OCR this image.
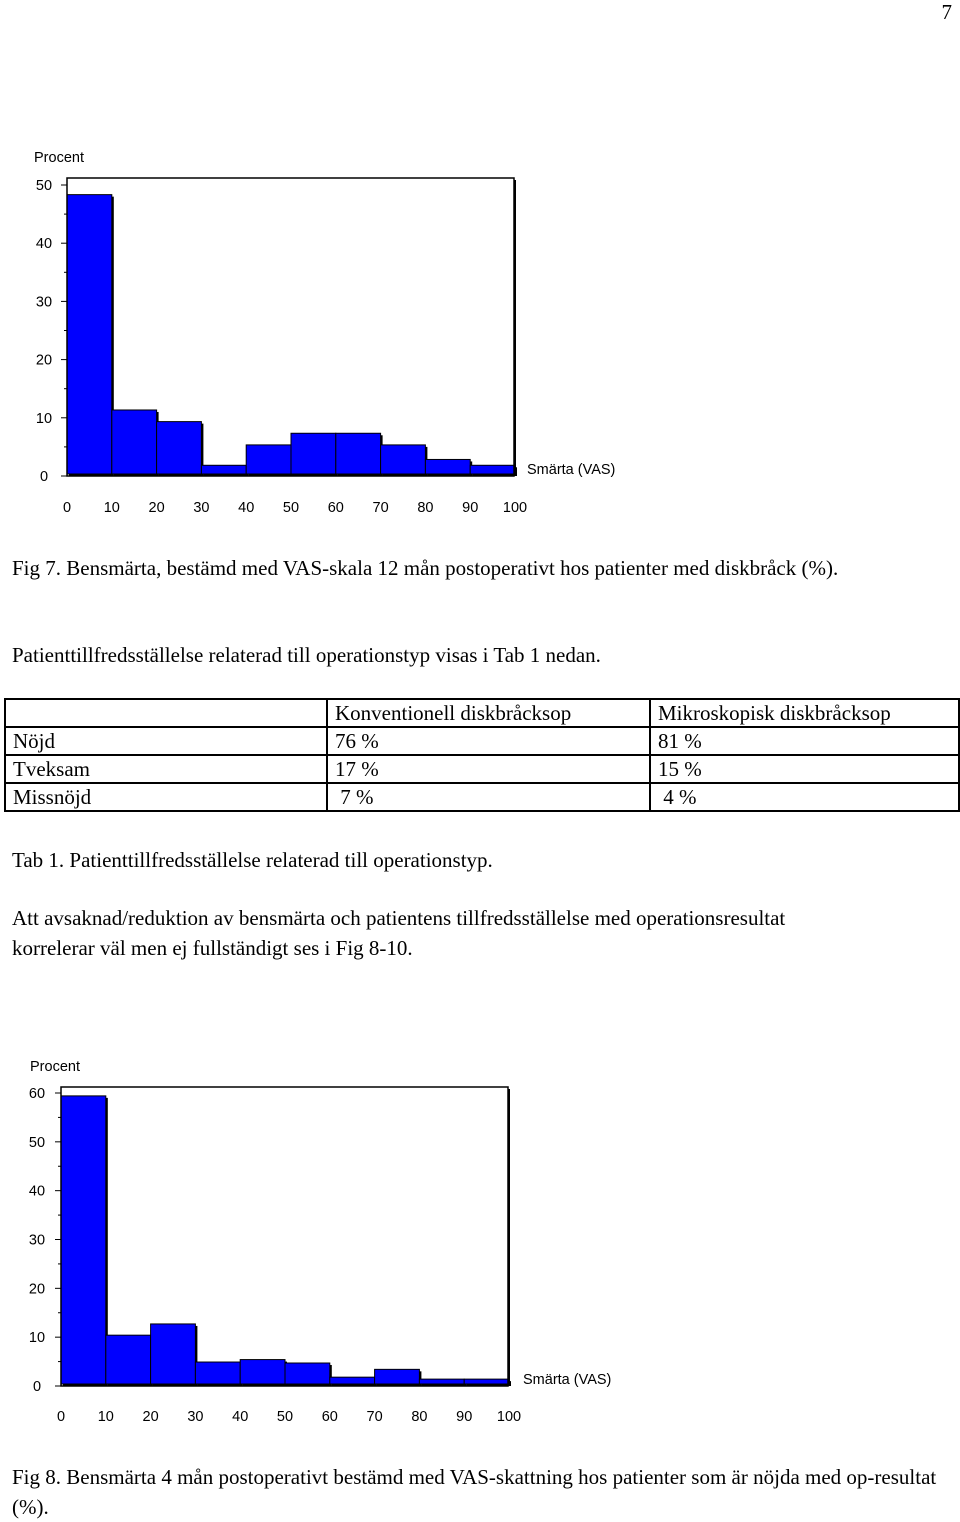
7
0
10
20
30
40
50
0 10 20 30 40 50 60 70 80 90 100
Procent
Smärta (VAS)
Fig 7. Bensmärta, bestämd med VAS-skala 12 mån postoperativt hos patienter med diskbråck (%).
Patienttillfredsställelse relaterad till operationstyp visas i Tab 1 nedan.
	Konventionell diskbråcksop	Mikroskopisk diskbråcksop
Nöjd	76 %	81 %
Tveksam	17 %	15 %
Missnöjd	7 %	4 %
Tab 1. Patienttillfredsställelse relaterad till operationstyp.
Att avsaknad/reduktion av bensmärta och patientens tillfredsställelse med operationsresultat
korrelerar väl men ej fullständigt ses i Fig 8-10.
0
10
20
30
40
50
60
0 10 20 30 40 50 60 70 80 90 100
Procent
Smärta (VAS)
Fig 8. Bensmärta 4 mån postoperativt bestämd med VAS-skattning hos patienter som är nöjda med op-resultat (%).
